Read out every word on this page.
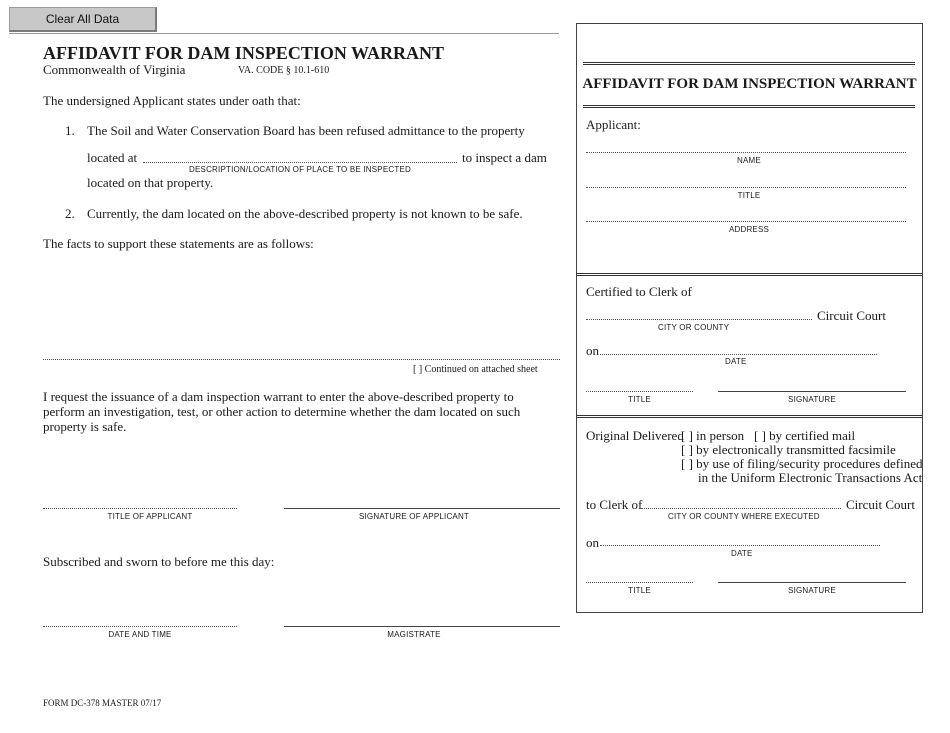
Clear All Data
AFFIDAVIT FOR DAM INSPECTION WARRANT
Commonwealth of Virginia	VA. CODE § 10.1-610
The undersigned Applicant states under oath that:
1. The Soil and Water Conservation Board has been refused admittance to the property
located at	to inspect a dam
DESCRIPTION/LOCATION OF PLACE TO BE INSPECTED
located on that property.
2. Currently, the dam located on the above-described property is not known to be safe.
The facts to support these statements are as follows:
[ ] Continued on attached sheet
I request the issuance of a dam inspection warrant to enter the above-described property to
perform an investigation, test, or other action to determine whether the dam located on such
property is safe.
TITLE OF APPLICANT	SIGNATURE OF APPLICANT
Subscribed and sworn to before me this day:
DATE AND TIME	MAGISTRATE
FORM DC-378 MASTER 07/17
AFFIDAVIT FOR DAM INSPECTION WARRANT
Applicant:
NAME
TITLE
ADDRESS
Certified to Clerk of
Circuit Court
CITY OR COUNTY
on
DATE
TITLE	SIGNATURE
Original Delivered
[ ] in person [ ] by certified mail
[ ] by electronically transmitted facsimile
[ ] by use of filing/security procedures defined
in the Uniform Electronic Transactions Act
to Clerk of	Circuit Court
CITY OR COUNTY WHERE EXECUTED
on
DATE
TITLE	SIGNATURE
